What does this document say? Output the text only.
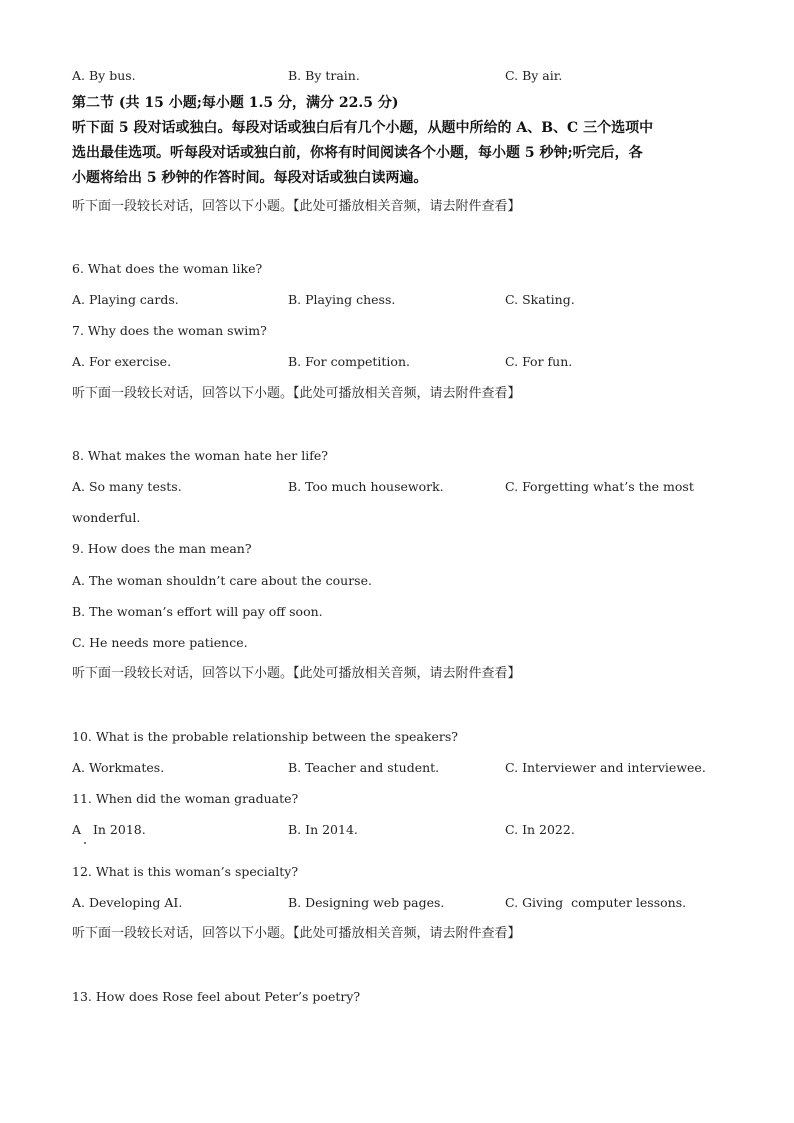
A. By bus.	B. By train.	C. By air.
第二节 (共 15 小题;每小题 1.5 分，满分 22.5 分)
听下面 5 段对话或独白。每段对话或独白后有几个小题，从题中所给的 A、B、C 三个选项中
选出最佳选项。听每段对话或独白前，你将有时间阅读各个小题，每小题 5 秒钟;听完后，各
小题将给出 5 秒钟的作答时间。每段对话或独白读两遍。
听下面一段较长对话，回答以下小题。【此处可播放相关音频，请去附件查看】
6. What does the woman like?
A. Playing cards.	B. Playing chess.	C. Skating.
7. Why does the woman swim?
A. For exercise.	B. For competition.	C. For fun.
听下面一段较长对话，回答以下小题。【此处可播放相关音频，请去附件查看】
8. What makes the woman hate her life?
A. So many tests.	B. Too much housework.	C. Forgetting what’s the most
wonderful.
9. How does the man mean?
A. The woman shouldn’t care about the course.
B. The woman’s effort will pay off soon.
C. He needs more patience.
听下面一段较长对话，回答以下小题。【此处可播放相关音频，请去附件查看】
10. What is the probable relationship between the speakers?
A. Workmates.	B. Teacher and student.	C. Interviewer and interviewee.
11. When did the woman graduate?
A   In 2018.	B. In 2014.	C. In 2022.
12. What is this woman’s specialty?
A. Developing AI.	B. Designing web pages.	C. Giving  computer lessons.
听下面一段较长对话，回答以下小题。【此处可播放相关音频，请去附件查看】
13. How does Rose feel about Peter’s poetry?
